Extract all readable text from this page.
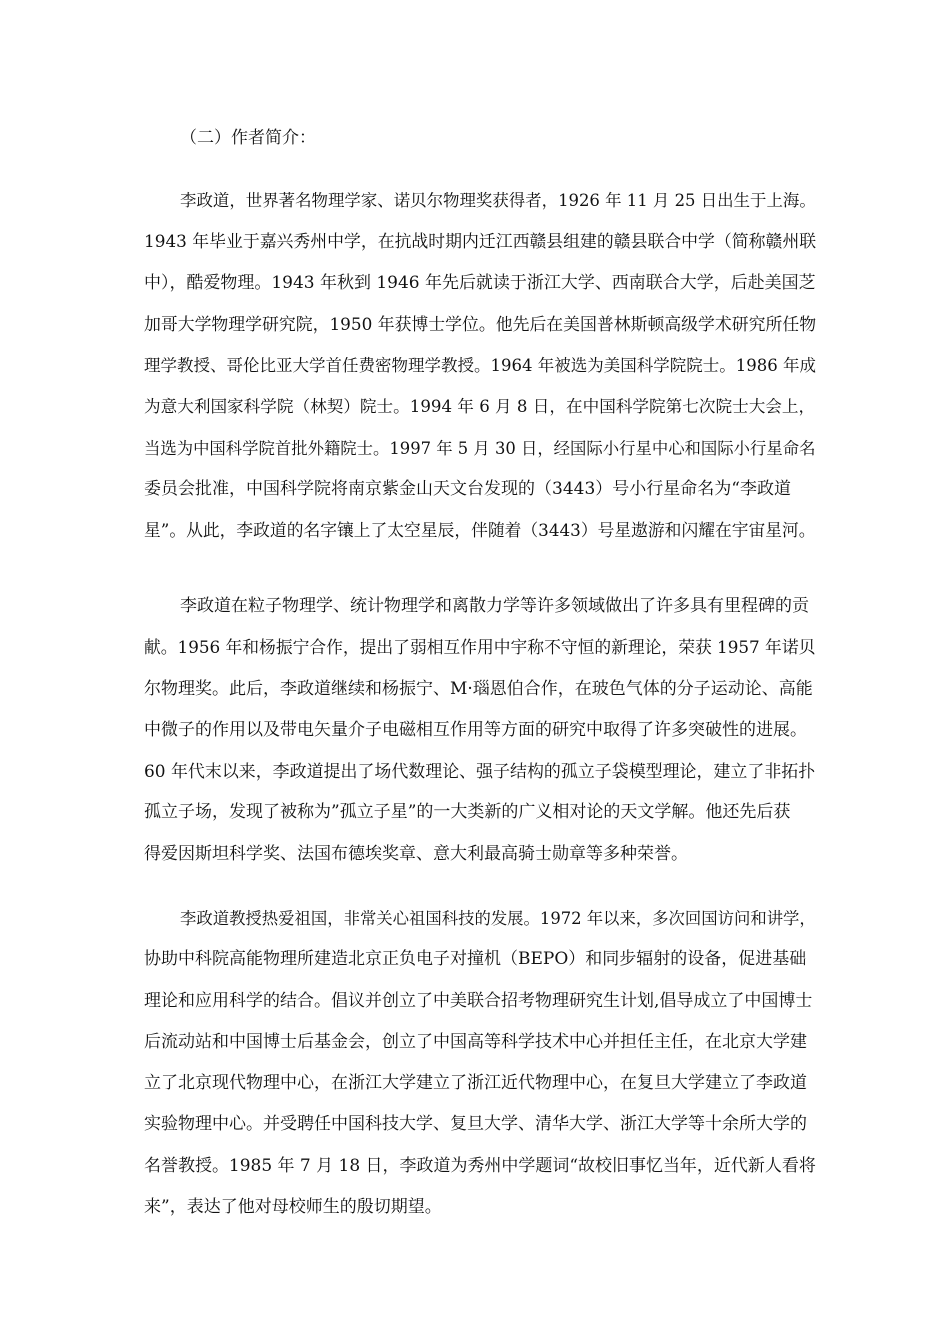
（二）作者简介：
李政道，世界著名物理学家、诺贝尔物理奖获得者，1926 年 11 月 25 日出生于上海。
1943 年毕业于嘉兴秀州中学，在抗战时期内迁江西赣县组建的赣县联合中学（简称赣州联
中），酷爱物理。1943 年秋到 1946 年先后就读于浙江大学、西南联合大学，后赴美国芝
加哥大学物理学研究院，1950 年获博士学位。他先后在美国普林斯顿高级学术研究所任物
理学教授、哥伦比亚大学首任费密物理学教授。1964 年被选为美国科学院院士。1986 年成
为意大利国家科学院（林契）院士。1994 年 6 月 8 日，在中国科学院第七次院士大会上，
当选为中国科学院首批外籍院士。1997 年 5 月 30 日，经国际小行星中心和国际小行星命名
委员会批准，中国科学院将南京紫金山天文台发现的（3443）号小行星命名为“李政道
星”。从此，李政道的名字镶上了太空星辰，伴随着（3443）号星遨游和闪耀在宇宙星河。
李政道在粒子物理学、统计物理学和离散力学等许多领域做出了许多具有里程碑的贡
献。1956 年和杨振宁合作，提出了弱相互作用中宇称不守恒的新理论，荣获 1957 年诺贝
尔物理奖。此后，李政道继续和杨振宁、M·瑙恩伯合作，在玻色气体的分子运动论、高能
中微子的作用以及带电矢量介子电磁相互作用等方面的研究中取得了许多突破性的进展。
60 年代末以来，李政道提出了场代数理论、强子结构的孤立子袋模型理论，建立了非拓扑
孤立子场，发现了被称为”孤立子星”的一大类新的广义相对论的天文学解。他还先后获
得爱因斯坦科学奖、法国布德埃奖章、意大利最高骑士勋章等多种荣誉。
李政道教授热爱祖国，非常关心祖国科技的发展。1972 年以来，多次回国访问和讲学，
协助中科院高能物理所建造北京正负电子对撞机（BEPO）和同步辐射的设备，促进基础
理论和应用科学的结合。倡议并创立了中美联合招考物理研究生计划,倡导成立了中国博士
后流动站和中国博士后基金会，创立了中国高等科学技术中心并担任主任，在北京大学建
立了北京现代物理中心，在浙江大学建立了浙江近代物理中心，在复旦大学建立了李政道
实验物理中心。并受聘任中国科技大学、复旦大学、清华大学、浙江大学等十余所大学的
名誉教授。1985 年 7 月 18 日，李政道为秀州中学题词“故校旧事忆当年，近代新人看将
来”，表达了他对母校师生的殷切期望。
